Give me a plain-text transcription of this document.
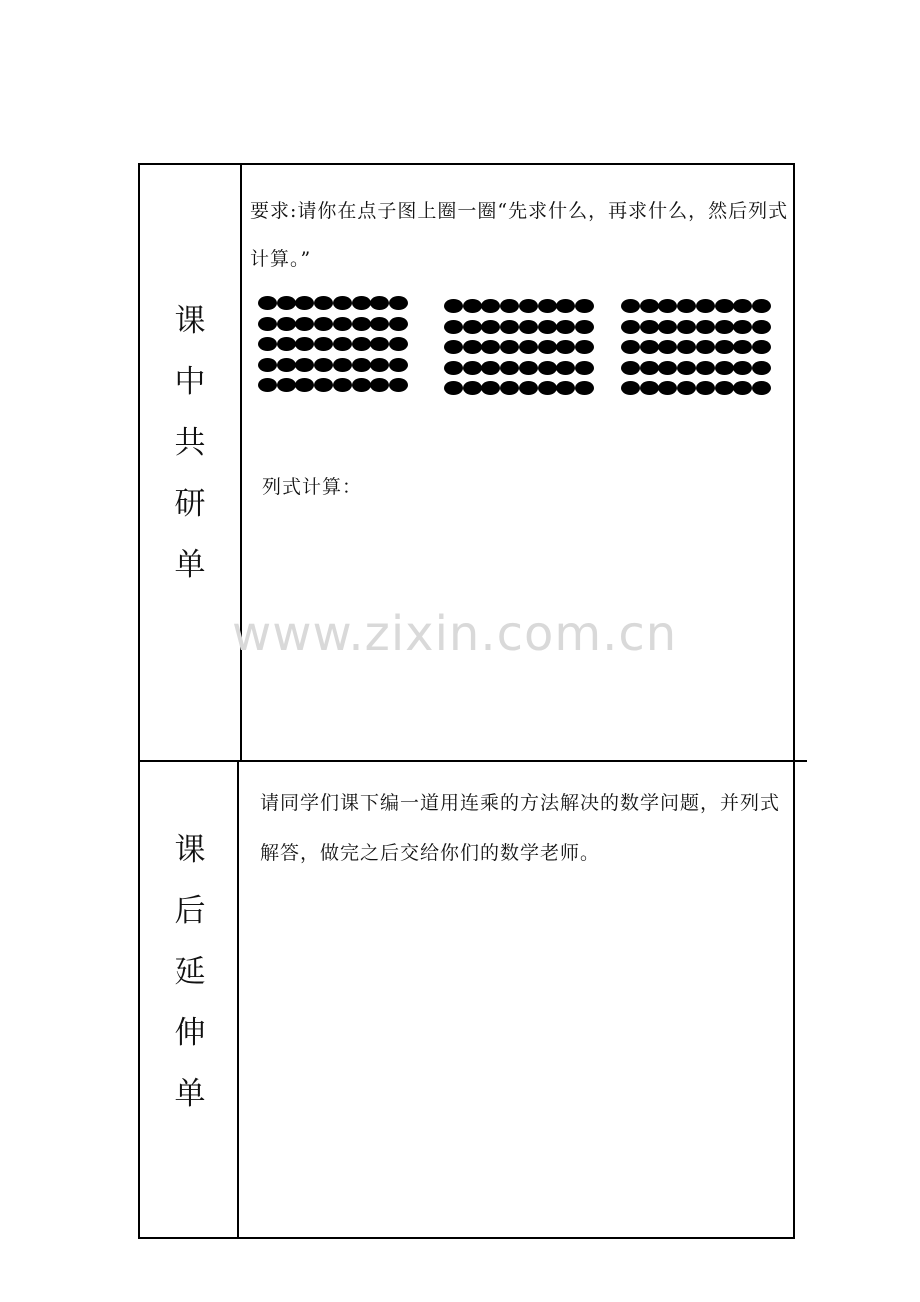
课
中
共
研
单
要求:请你在点子图上圈一圈“先求什么，再求什么，然后列式计算。”
列式计算：
课
后
延
伸
单
请同学们课下编一道用连乘的方法解决的数学问题，并列式解答，做完之后交给你们的数学老师。
www.zixin.com.cn
